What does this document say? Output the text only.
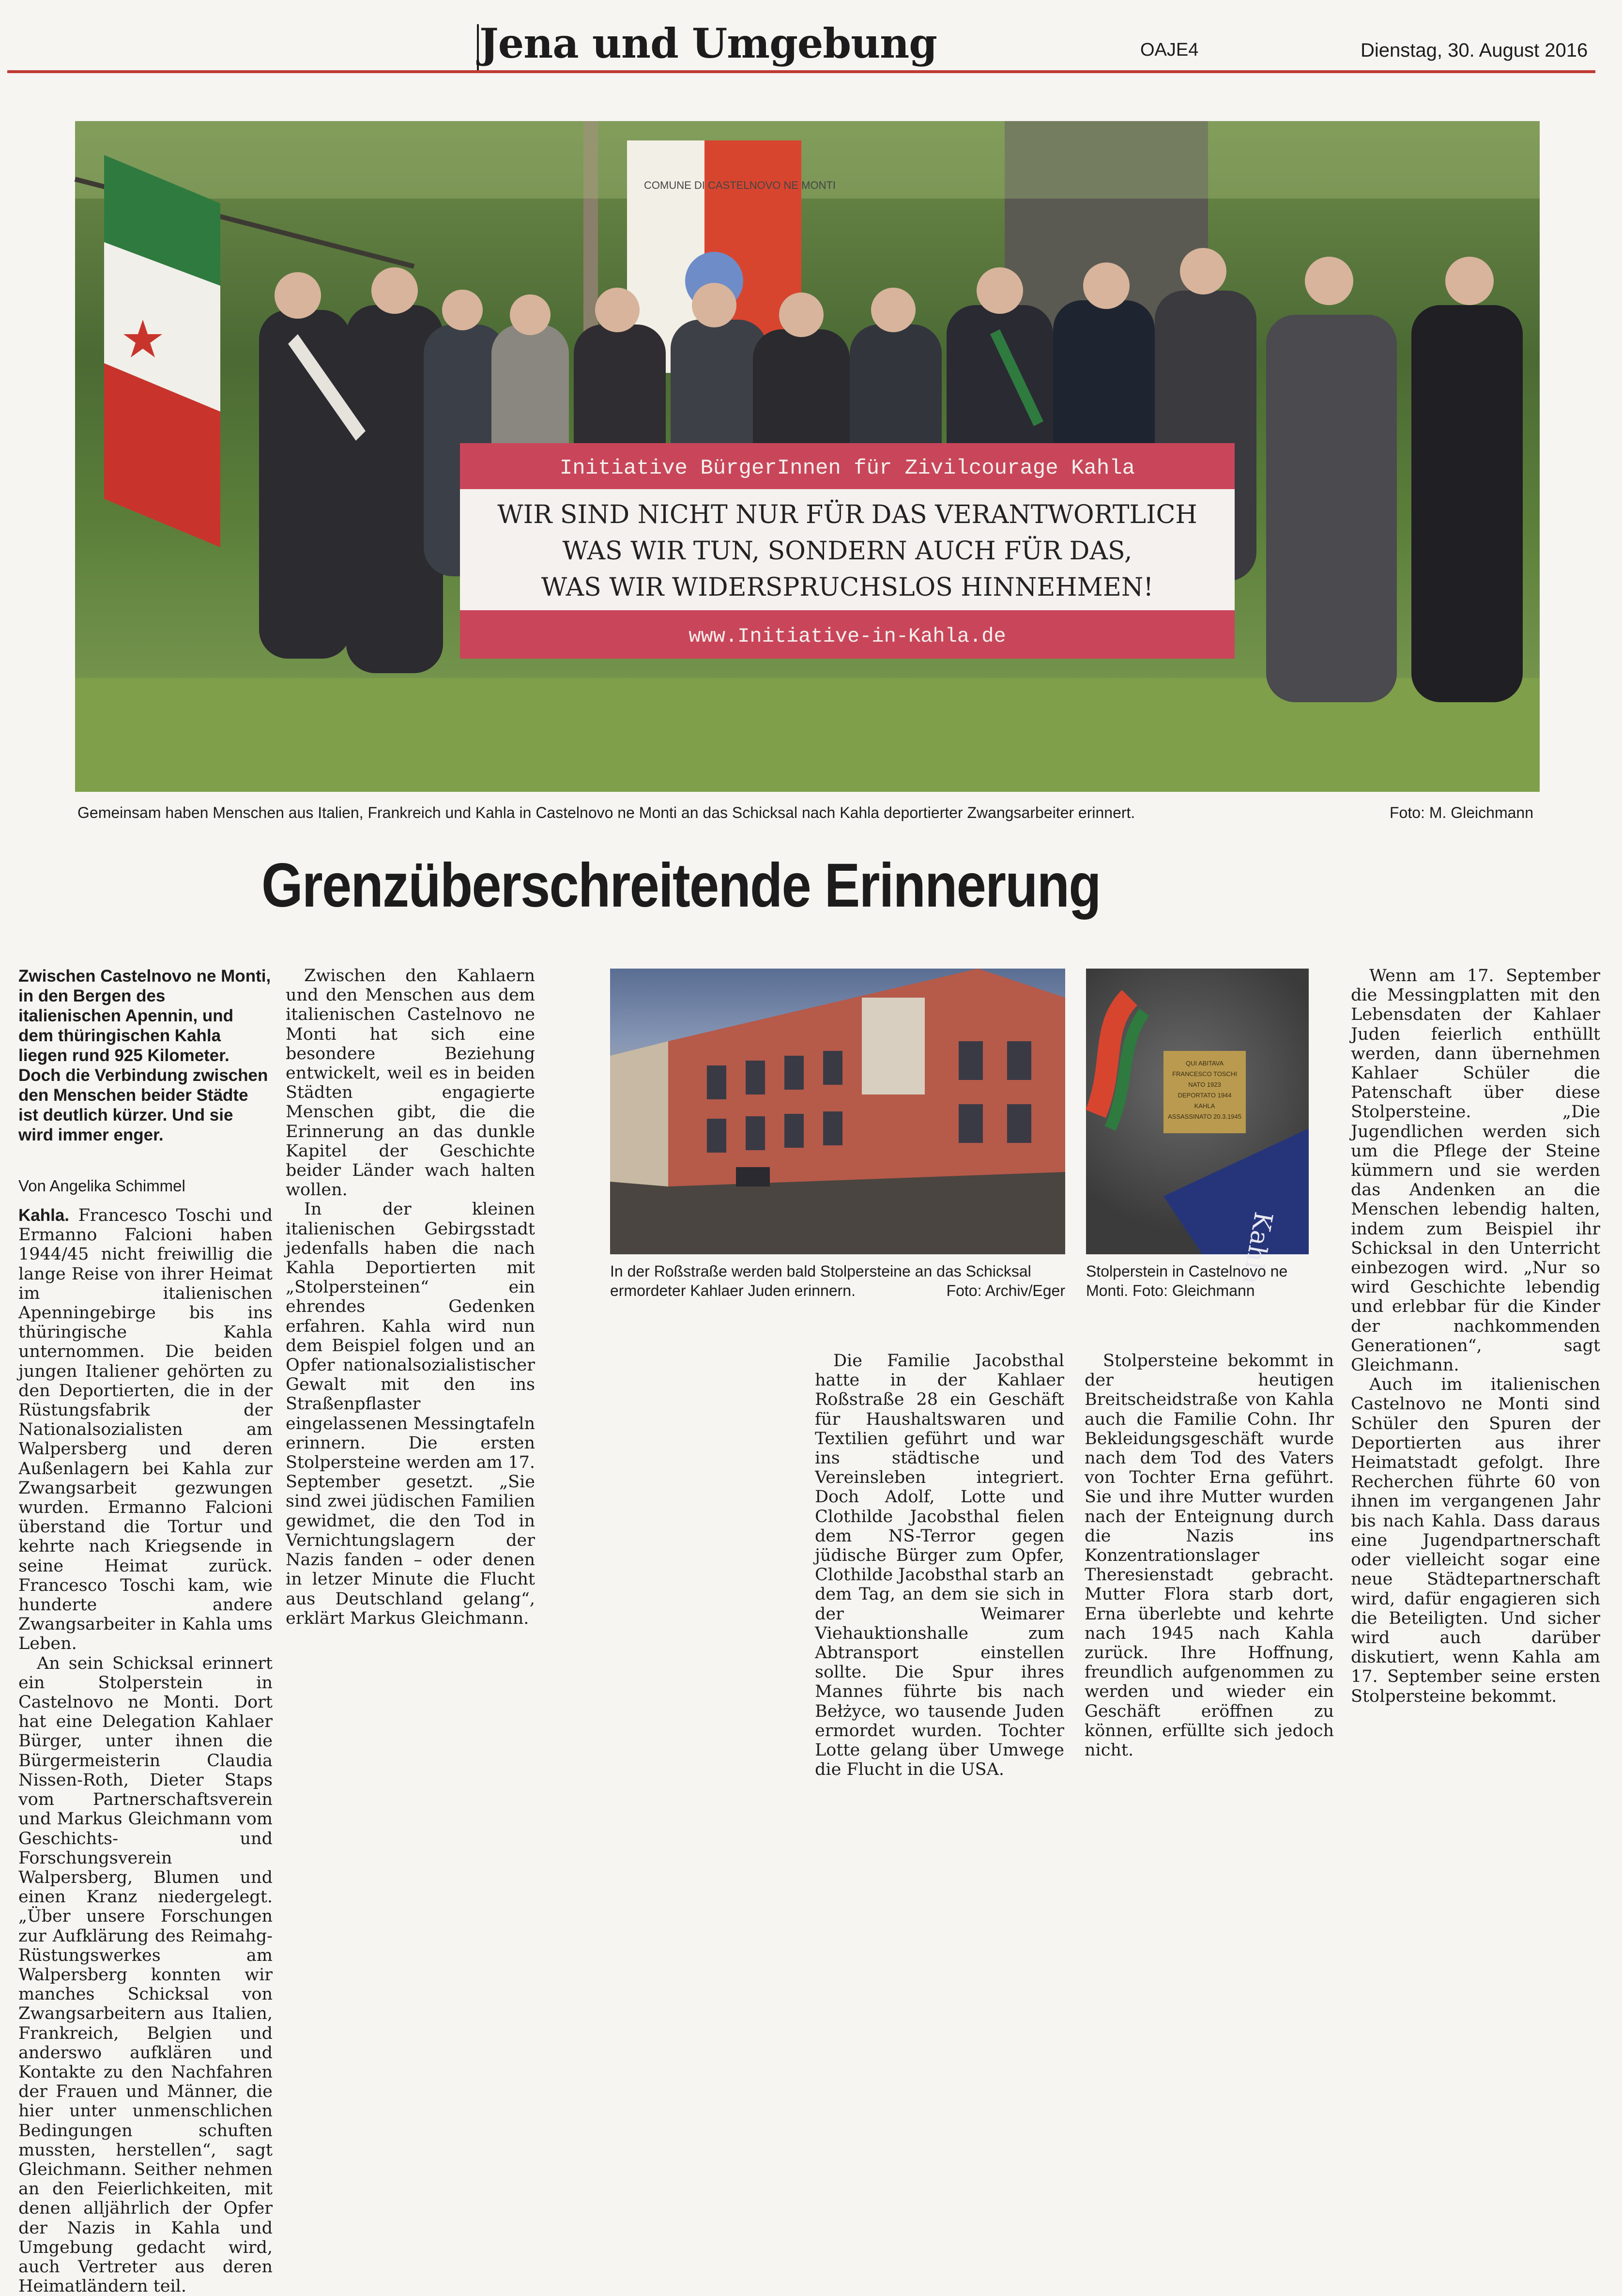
Jena und Umgebung	OAJE4	Dienstag, 30. August 2016
COMUNE DI CASTELNOVO NE MONTI
Initiative BürgerInnen für Zivilcourage Kahla
WIR SIND NICHT NUR FÜR DAS VERANTWORTLICH
WAS WIR TUN, SONDERN AUCH FÜR DAS,
WAS WIR WIDERSPRUCHSLOS HINNEHMEN!
www.Initiative-in-Kahla.de
Gemeinsam haben Menschen aus Italien, Frankreich und Kahla in Castelnovo ne Monti an das Schicksal nach Kahla deportierter Zwangsarbeiter erinnert.	Foto: M. Gleichmann
Grenzüberschreitende Erinnerung
Zwischen Castelnovo ne Monti, in den Bergen des italienischen Apennin, und dem thüringischen Kahla liegen rund 925 Kilometer. Doch die Verbindung zwischen den Menschen beider Städte ist deutlich kürzer. Und sie wird immer enger.
Von Angelika Schimmel

Kahla. Francesco Toschi und Ermanno Falcioni haben 1944/45 nicht freiwillig die lange Reise von ihrer Heimat im italienischen Apenningebirge bis ins thüringische Kahla unternommen. Die beiden jungen Italiener gehörten zu den Deportierten, die in der Rüstungsfabrik der Nationalsozialisten am Walpersberg und deren Außenlagern bei Kahla zur Zwangsarbeit gezwungen wurden. Ermanno Falcioni überstand die Tortur und kehrte nach Kriegsende in seine Heimat zurück. Francesco Toschi kam, wie hunderte andere Zwangsarbeiter in Kahla ums Leben.

An sein Schicksal erinnert ein Stolperstein in Castelnovo ne Monti. Dort hat eine Delegation Kahlaer Bürger, unter ihnen die Bürgermeisterin Claudia Nissen-Roth, Dieter Staps vom Partnerschaftsverein und Markus Gleichmann vom Geschichts- und Forschungsverein Walpersberg, Blumen und einen Kranz niedergelegt. „Über unsere Forschungen zur Aufklärung des Reimahg-Rüstungswerkes am Walpersberg konnten wir manches Schicksal von Zwangsarbeitern aus Italien, Frankreich, Belgien und anderswo aufklären und Kontakte zu den Nachfahren der Frauen und Männer, die hier unter unmenschlichen Bedingungen schuften mussten, herstellen“, sagt Gleichmann. Seither nehmen an den Feierlichkeiten, mit denen alljährlich der Opfer der Nazis in Kahla und Umgebung gedacht wird, auch Vertreter aus deren Heimatländern teil.

Zwischen den Kahlaern und den Menschen aus dem italienischen Castelnovo ne Monti hat sich eine besondere Beziehung entwickelt, weil es in beiden Städten engagierte Menschen gibt, die die Erinnerung an das dunkle Kapitel der Geschichte beider Länder wach halten wollen.

In der kleinen italienischen Gebirgsstadt jedenfalls haben die nach Kahla Deportierten mit „Stolpersteinen“ ein ehrendes Gedenken erfahren. Kahla wird nun dem Beispiel folgen und an Opfer nationalsozialistischer Gewalt mit den ins Straßenpflaster eingelassenen Messingtafeln erinnern. Die ersten Stolpersteine werden am 17. September gesetzt. „Sie sind zwei jüdischen Familien gewidmet, die den Tod in Vernichtungslagern der Nazis fanden – oder denen in letzer Minute die Flucht aus Deutschland gelang“, erklärt Markus Gleichmann.

QUI ABITAVA
FRANCESCO TOSCHI
NATO 1923
DEPORTATO 1944
KAHLA
ASSASSINATO 20.3.1945
Kahla
In der Roßstraße werden bald Stolpersteine an das Schicksal ermordeter Kahlaer Juden erinnern.	Foto: Archiv/Eger
Stolperstein in Castelnovo ne Monti. Foto: Gleichmann

Die Familie Jacobsthal hatte in der Kahlaer Roßstraße 28 ein Geschäft für Haushaltswaren und Textilien geführt und war ins städtische und Vereinsleben integriert. Doch Adolf, Lotte und Clothilde Jacobsthal fielen dem NS-Terror gegen jüdische Bürger zum Opfer, Clothilde Jacobsthal starb an dem Tag, an dem sie sich in der Weimarer Viehauktionshalle zum Abtransport einstellen sollte. Die Spur ihres Mannes führte bis nach Bełżyce, wo tausende Juden ermordet wurden. Tochter Lotte gelang über Umwege die Flucht in die USA.

Stolpersteine bekommt in der heutigen Breitscheidstraße von Kahla auch die Familie Cohn. Ihr Bekleidungsgeschäft wurde nach dem Tod des Vaters von Tochter Erna geführt. Sie und ihre Mutter wurden nach der Enteignung durch die Nazis ins Konzentrationslager Theresienstadt gebracht. Mutter Flora starb dort, Erna überlebte und kehrte nach 1945 nach Kahla zurück. Ihre Hoffnung, freundlich aufgenommen zu werden und wieder ein Geschäft eröffnen zu können, erfüllte sich jedoch nicht.

Wenn am 17. September die Messingplatten mit den Lebensdaten der Kahlaer Juden feierlich enthüllt werden, dann übernehmen Kahlaer Schüler die Patenschaft über diese Stolpersteine. „Die Jugendlichen werden sich um die Pflege der Steine kümmern und sie werden das Andenken an die Menschen lebendig halten, indem zum Beispiel ihr Schicksal in den Unterricht einbezogen wird. „Nur so wird Geschichte lebendig und erlebbar für die Kinder der nachkommenden Generationen“, sagt Gleichmann.

Auch im italienischen Castelnovo ne Monti sind Schüler den Spuren der Deportierten aus ihrer Heimatstadt gefolgt. Ihre Recherchen führte 60 von ihnen im vergangenen Jahr bis nach Kahla. Dass daraus eine Jugendpartnerschaft oder vielleicht sogar eine neue Städtepartnerschaft wird, dafür engagieren sich die Beteiligten. Und sicher wird auch darüber diskutiert, wenn Kahla am 17. September seine ersten Stolpersteine bekommt.
